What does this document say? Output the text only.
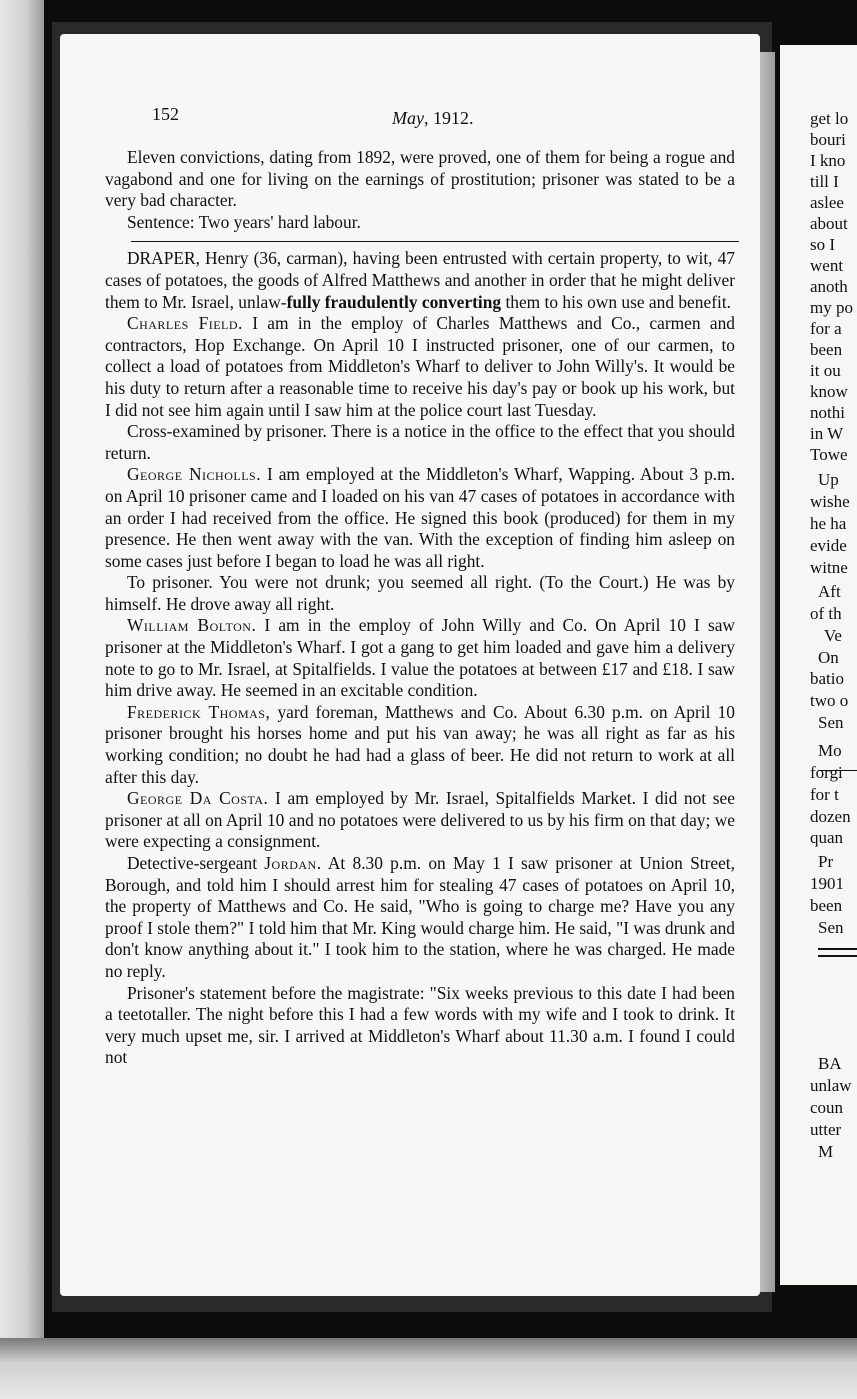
get lo
bouri
I kno
till I
aslee
about
so I
went
anoth
my po
for a
been
it ou
know
nothi
in W
Towe
Up
wishe
he ha
evide
witne
Aft
of th
Ve
On
batio
two o
Sen
Mo
forgi
for t
dozen
quan
Pr
1901
been
Sen
BA
unlaw
coun
utter
M
152	May, 1912.

Eleven convictions, dating from 1892, were proved, one of them for being a rogue and vagabond and one for living on the earnings of prostitution; prisoner was stated to be a very bad character.

Sentence: Two years' hard labour.

DRAPER, Henry (36, carman), having been entrusted with certain property, to wit, 47 cases of potatoes, the goods of Alfred Matthews and another in order that he might deliver them to Mr. Israel, unlaw-fully fraudulently converting them to his own use and benefit.

Charles Field. I am in the employ of Charles Matthews and Co., carmen and contractors, Hop Exchange. On April 10 I instructed prisoner, one of our carmen, to collect a load of potatoes from Middleton's Wharf to deliver to John Willy's. It would be his duty to return after a reasonable time to receive his day's pay or book up his work, but I did not see him again until I saw him at the police court last Tuesday.

Cross-examined by prisoner. There is a notice in the office to the effect that you should return.

George Nicholls. I am employed at the Middleton's Wharf, Wapping. About 3 p.m. on April 10 prisoner came and I loaded on his van 47 cases of potatoes in accordance with an order I had received from the office. He signed this book (produced) for them in my presence. He then went away with the van. With the exception of finding him asleep on some cases just before I began to load he was all right.

To prisoner. You were not drunk; you seemed all right. (To the Court.) He was by himself. He drove away all right.

William Bolton. I am in the employ of John Willy and Co. On April 10 I saw prisoner at the Middleton's Wharf. I got a gang to get him loaded and gave him a delivery note to go to Mr. Israel, at Spitalfields. I value the potatoes at between £17 and £18. I saw him drive away. He seemed in an excitable condition.

Frederick Thomas, yard foreman, Matthews and Co. About 6.30 p.m. on April 10 prisoner brought his horses home and put his van away; he was all right as far as his working condition; no doubt he had had a glass of beer. He did not return to work at all after this day.

George Da Costa. I am employed by Mr. Israel, Spitalfields Market. I did not see prisoner at all on April 10 and no potatoes were delivered to us by his firm on that day; we were expecting a consignment.

Detective-sergeant Jordan. At 8.30 p.m. on May 1 I saw prisoner at Union Street, Borough, and told him I should arrest him for stealing 47 cases of potatoes on April 10, the property of Matthews and Co. He said, "Who is going to charge me? Have you any proof I stole them?" I told him that Mr. King would charge him. He said, "I was drunk and don't know anything about it." I took him to the station, where he was charged. He made no reply.

Prisoner's statement before the magistrate: "Six weeks previous to this date I had been a teetotaller. The night before this I had a few words with my wife and I took to drink. It very much upset me, sir. I arrived at Middleton's Wharf about 11.30 a.m. I found I could not
